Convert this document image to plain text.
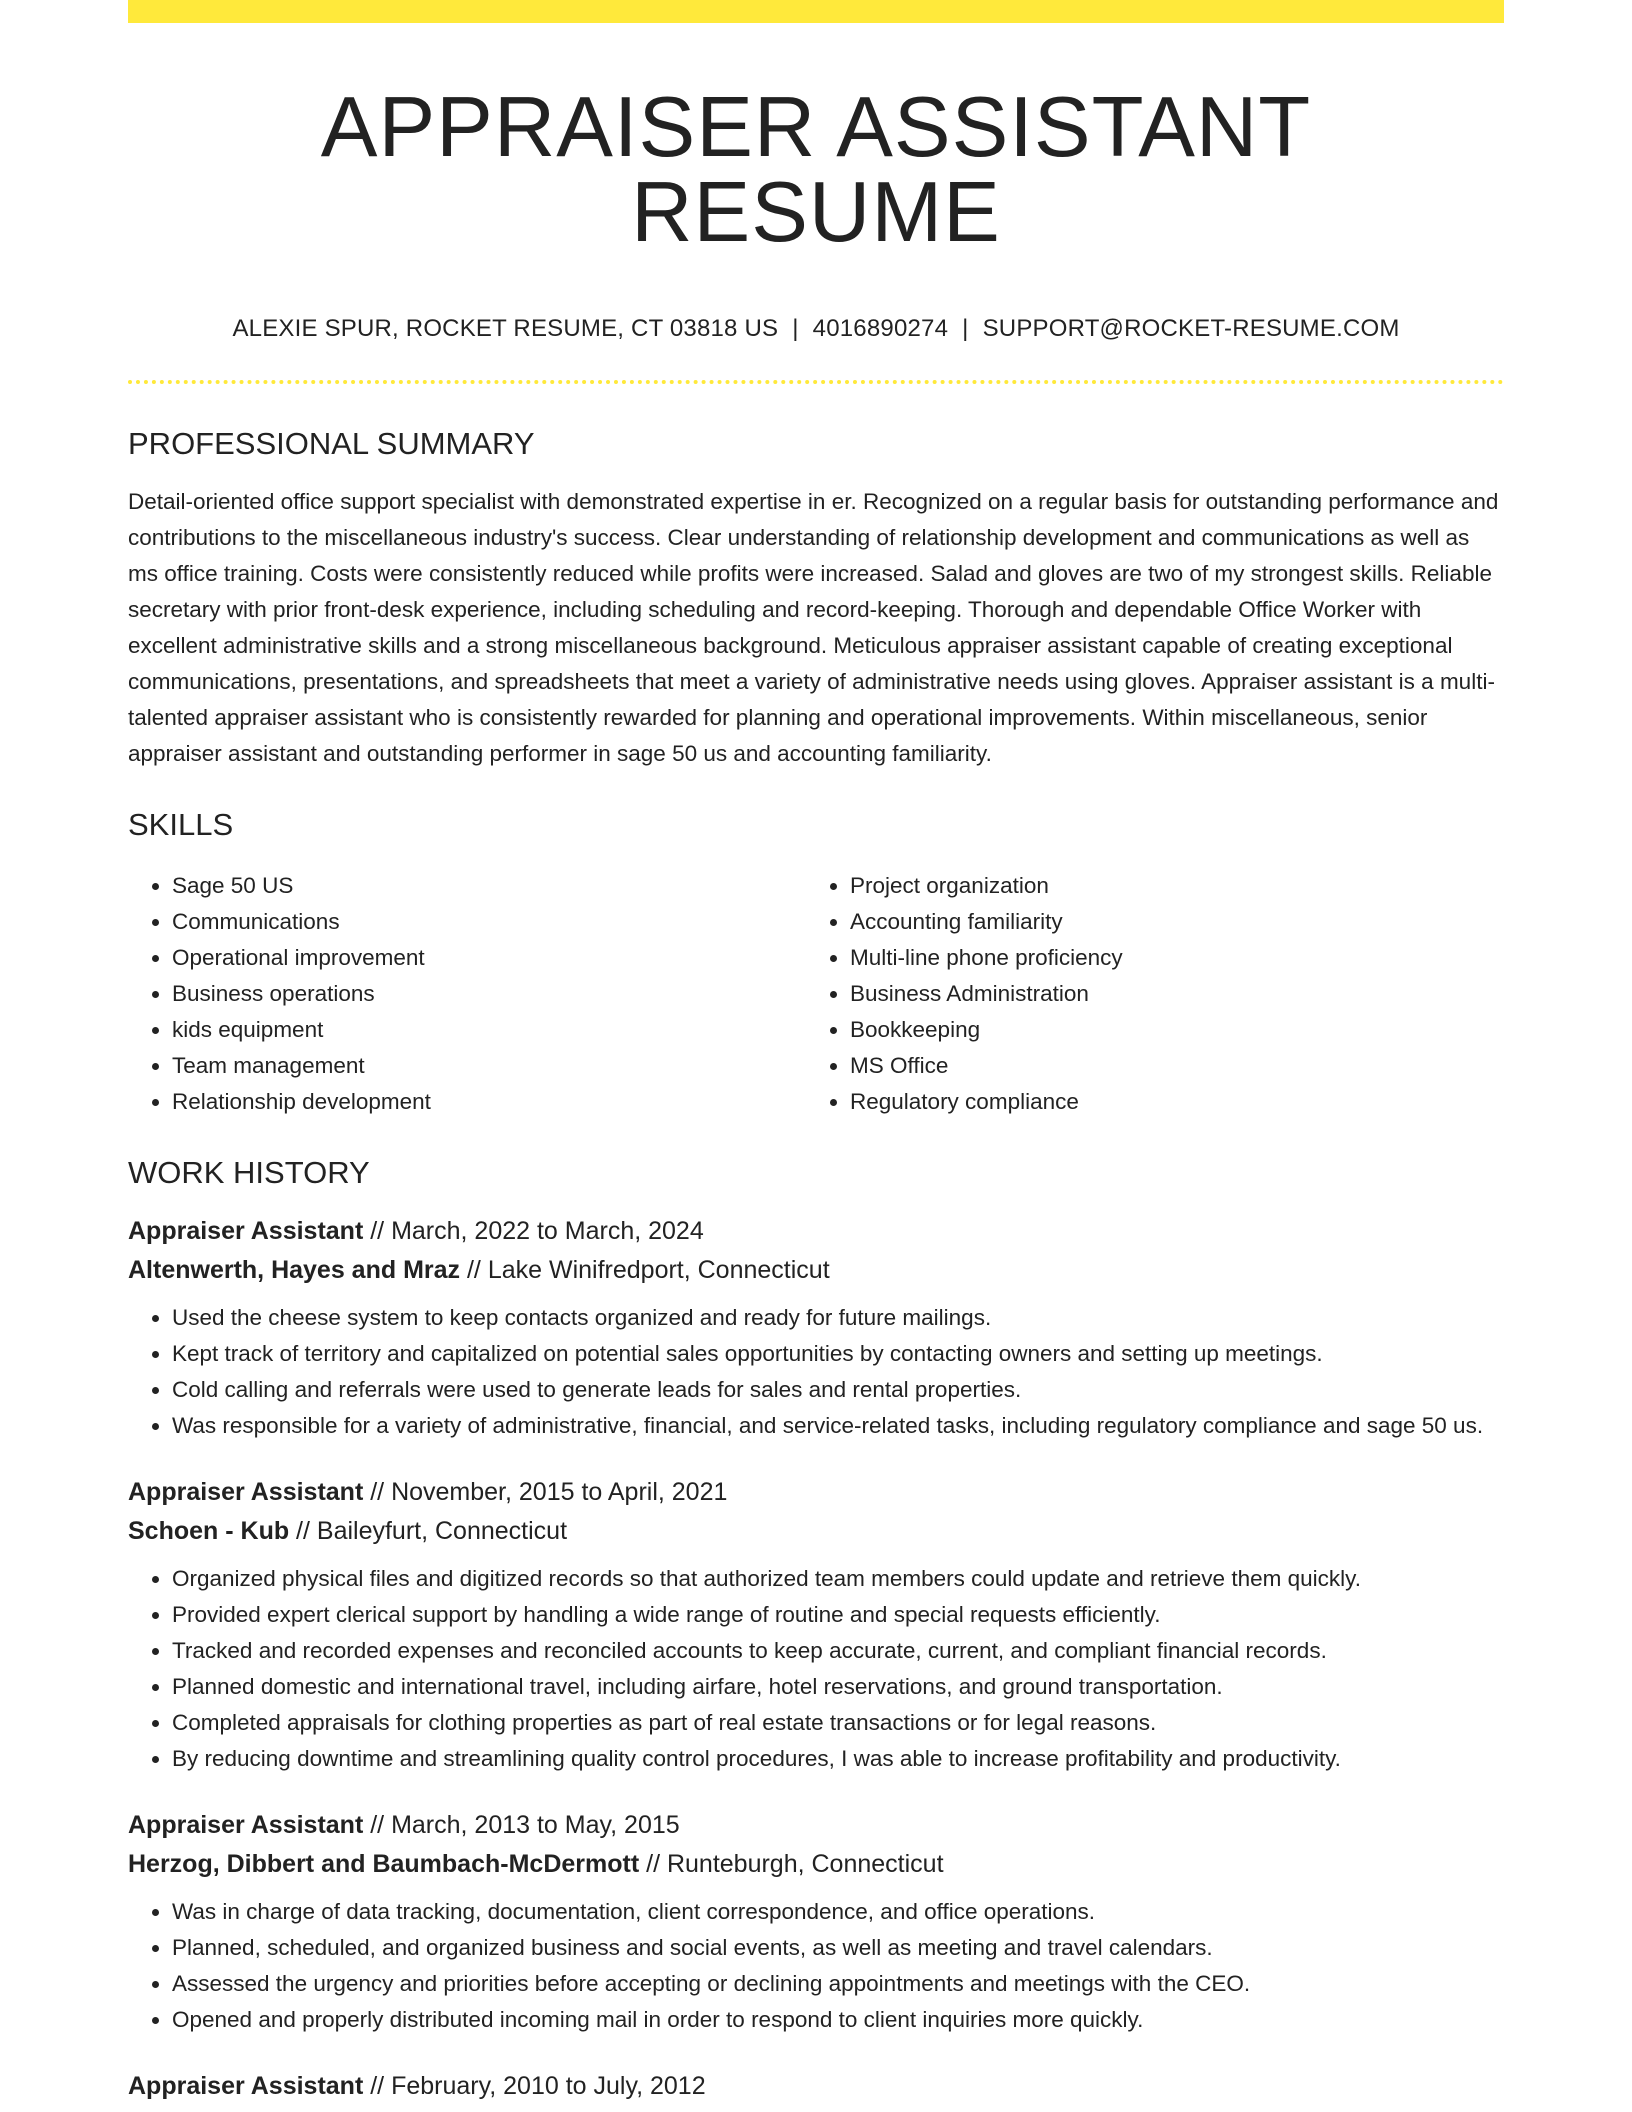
APPRAISER ASSISTANT RESUME
ALEXIE SPUR, ROCKET RESUME, CT 03818 US | 4016890274 | SUPPORT@ROCKET-RESUME.COM
PROFESSIONAL SUMMARY
Detail-oriented office support specialist with demonstrated expertise in er. Recognized on a regular basis for outstanding performance and contributions to the miscellaneous industry's success. Clear understanding of relationship development and communications as well as ms office training. Costs were consistently reduced while profits were increased. Salad and gloves are two of my strongest skills. Reliable secretary with prior front-desk experience, including scheduling and record-keeping. Thorough and dependable Office Worker with excellent administrative skills and a strong miscellaneous background. Meticulous appraiser assistant capable of creating exceptional communications, presentations, and spreadsheets that meet a variety of administrative needs using gloves. Appraiser assistant is a multi-talented appraiser assistant who is consistently rewarded for planning and operational improvements. Within miscellaneous, senior appraiser assistant and outstanding performer in sage 50 us and accounting familiarity.
SKILLS
• Sage 50 US
• Communications
• Operational improvement
• Business operations
• kids equipment
• Team management
• Relationship development
• Project organization
• Accounting familiarity
• Multi-line phone proficiency
• Business Administration
• Bookkeeping
• MS Office
• Regulatory compliance
WORK HISTORY
Appraiser Assistant // March, 2022 to March, 2024
Altenwerth, Hayes and Mraz // Lake Winifredport, Connecticut
• Used the cheese system to keep contacts organized and ready for future mailings.
• Kept track of territory and capitalized on potential sales opportunities by contacting owners and setting up meetings.
• Cold calling and referrals were used to generate leads for sales and rental properties.
• Was responsible for a variety of administrative, financial, and service-related tasks, including regulatory compliance and sage 50 us.
Appraiser Assistant // November, 2015 to April, 2021
Schoen - Kub // Baileyfurt, Connecticut
• Organized physical files and digitized records so that authorized team members could update and retrieve them quickly.
• Provided expert clerical support by handling a wide range of routine and special requests efficiently.
• Tracked and recorded expenses and reconciled accounts to keep accurate, current, and compliant financial records.
• Planned domestic and international travel, including airfare, hotel reservations, and ground transportation.
• Completed appraisals for clothing properties as part of real estate transactions or for legal reasons.
• By reducing downtime and streamlining quality control procedures, I was able to increase profitability and productivity.
Appraiser Assistant // March, 2013 to May, 2015
Herzog, Dibbert and Baumbach-McDermott // Runteburgh, Connecticut
• Was in charge of data tracking, documentation, client correspondence, and office operations.
• Planned, scheduled, and organized business and social events, as well as meeting and travel calendars.
• Assessed the urgency and priorities before accepting or declining appointments and meetings with the CEO.
• Opened and properly distributed incoming mail in order to respond to client inquiries more quickly.
Appraiser Assistant // February, 2010 to July, 2012
